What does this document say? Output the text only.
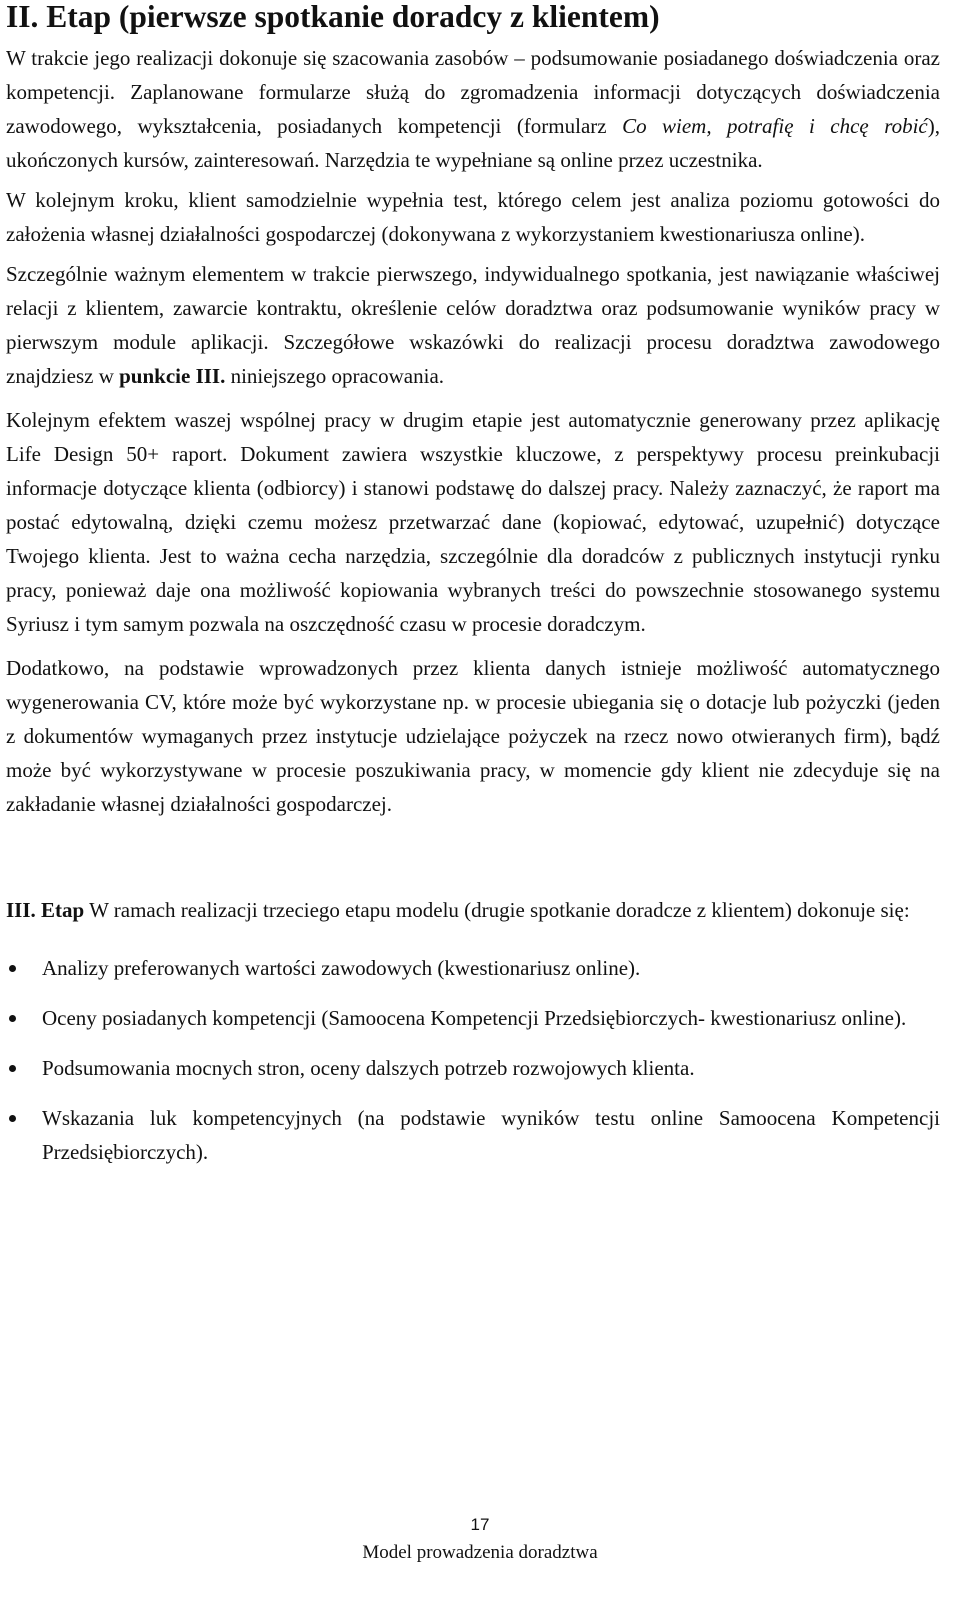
II. Etap (pierwsze spotkanie doradcy z klientem)

W trakcie jego realizacji dokonuje się szacowania zasobów – podsumowanie posiadanego doświadczenia oraz kompetencji. Zaplanowane formularze służą do zgromadzenia informacji dotyczących doświadczenia zawodowego, wykształcenia, posiadanych kompetencji (formularz Co wiem, potrafię i chcę robić), ukończonych kursów, zainteresowań. Narzędzia te wypełniane są online przez uczestnika.

W kolejnym kroku, klient samodzielnie wypełnia test, którego celem jest analiza poziomu gotowości do założenia własnej działalności gospodarczej (dokonywana z wykorzystaniem kwestionariusza online).

Szczególnie ważnym elementem w trakcie pierwszego, indywidualnego spotkania, jest nawiązanie właściwej relacji z klientem, zawarcie kontraktu, określenie celów doradztwa oraz podsumowanie wyników pracy w pierwszym module aplikacji. Szczegółowe wskazówki do realizacji procesu doradztwa zawodowego znajdziesz w punkcie III. niniejszego opracowania.

Kolejnym efektem waszej wspólnej pracy w drugim etapie jest automatycznie generowany przez aplikację Life Design 50+ raport. Dokument zawiera wszystkie kluczowe, z perspektywy procesu preinkubacji informacje dotyczące klienta (odbiorcy) i stanowi podstawę do dalszej pracy. Należy zaznaczyć, że raport ma postać edytowalną, dzięki czemu możesz przetwarzać dane (kopiować, edytować, uzupełnić) dotyczące Twojego klienta. Jest to ważna cecha narzędzia, szczególnie dla doradców z publicznych instytucji rynku pracy, ponieważ daje ona możliwość kopiowania wybranych treści do powszechnie stosowanego systemu Syriusz i tym samym pozwala na oszczędność czasu w procesie doradczym.

Dodatkowo, na podstawie wprowadzonych przez klienta danych istnieje możliwość automatycznego wygenerowania CV, które może być wykorzystane np. w procesie ubiegania się o dotacje lub pożyczki (jeden z dokumentów wymaganych przez instytucje udzielające pożyczek na rzecz nowo otwieranych firm), bądź może być wykorzystywane w procesie poszukiwania pracy, w momencie gdy klient nie zdecyduje się na zakładanie własnej działalności gospodarczej.

III. Etap W ramach realizacji trzeciego etapu modelu (drugie spotkanie doradcze z klientem) dokonuje się:

Analizy preferowanych wartości zawodowych (kwestionariusz online).
Oceny posiadanych kompetencji (Samoocena Kompetencji Przedsiębiorczych- kwestionariusz online).
Podsumowania mocnych stron, oceny dalszych potrzeb rozwojowych klienta.
Wskazania luk kompetencyjnych (na podstawie wyników testu online Samoocena Kompetencji Przedsiębiorczych).
17
Model prowadzenia doradztwa
